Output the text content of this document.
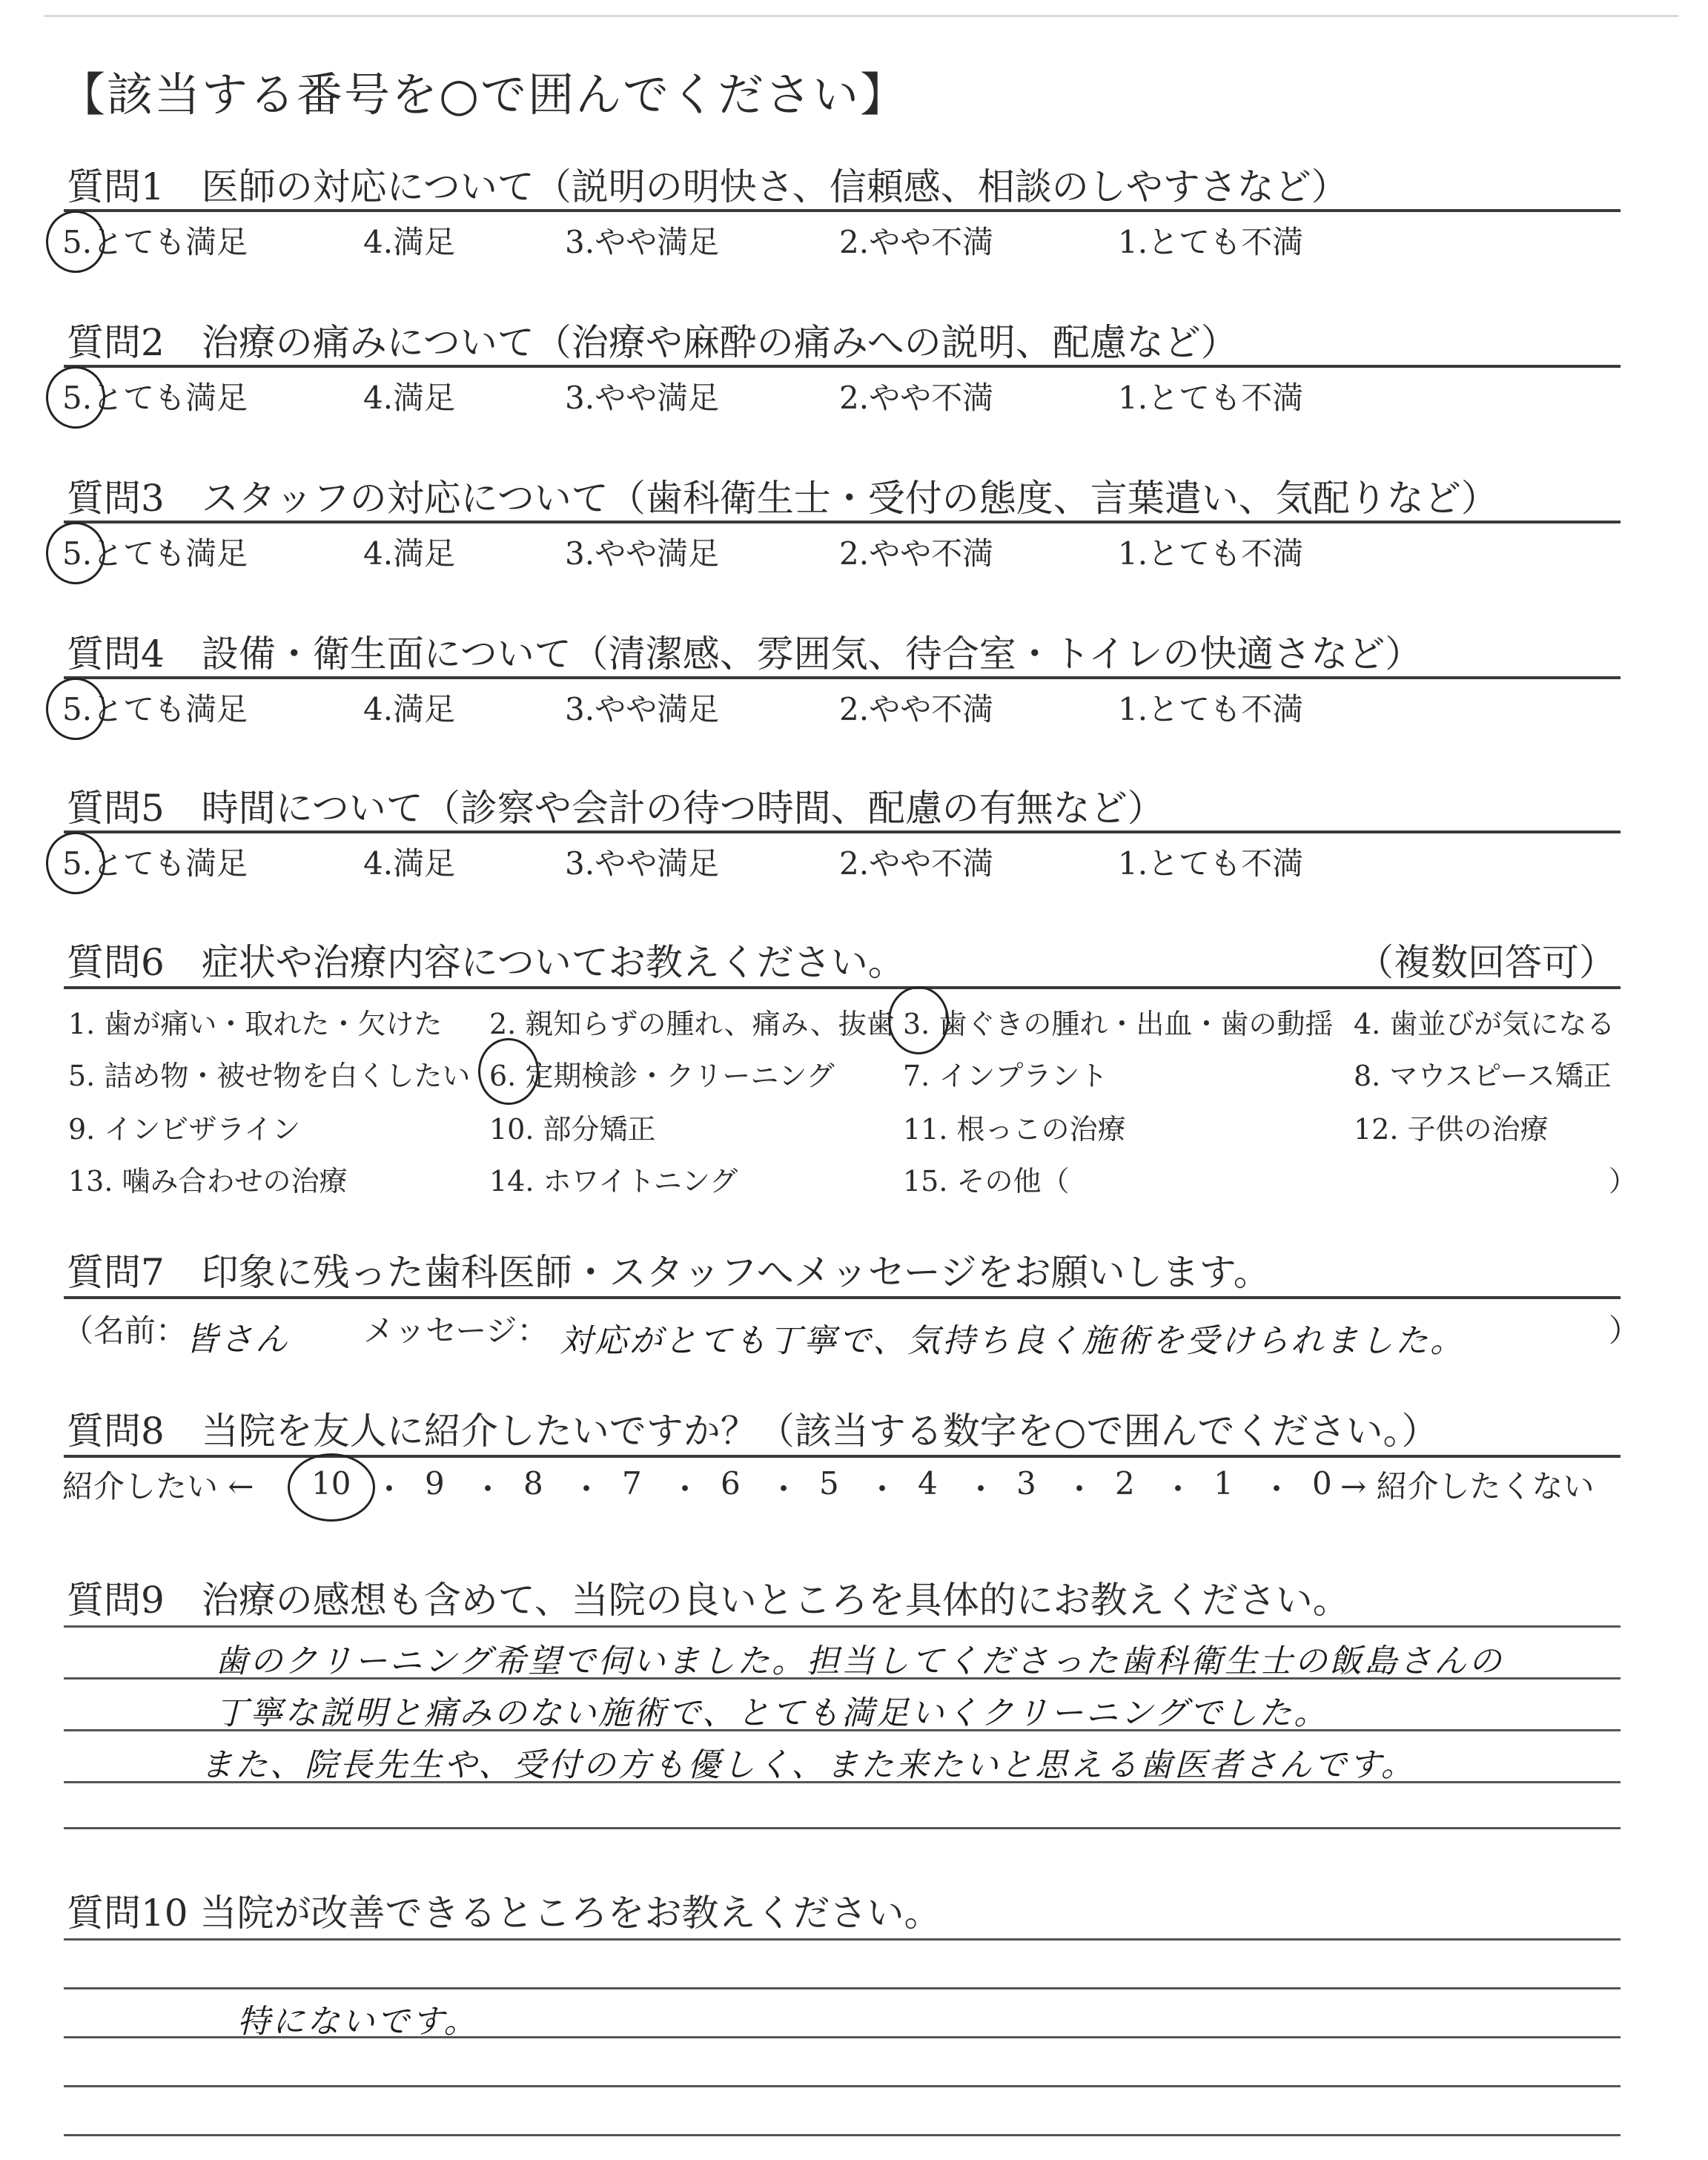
【該当する番号を○で囲んでください】
質問1　医師の対応について（説明の明快さ、信頼感、相談のしやすさなど）
5.とても満足	4.満足	3.やや満足	2.やや不満	1.とても不満
質問2　治療の痛みについて（治療や麻酔の痛みへの説明、配慮など）
5.とても満足	4.満足	3.やや満足	2.やや不満	1.とても不満
質問3　スタッフの対応について（歯科衛生士・受付の態度、言葉遣い、気配りなど）
5.とても満足	4.満足	3.やや満足	2.やや不満	1.とても不満
質問4　設備・衛生面について（清潔感、雰囲気、待合室・トイレの快適さなど）
5.とても満足	4.満足	3.やや満足	2.やや不満	1.とても不満
質問5　時間について（診察や会計の待つ時間、配慮の有無など）
5.とても満足	4.満足	3.やや満足	2.やや不満	1.とても不満
質問6　症状や治療内容についてお教えください。	（複数回答可）
1. 歯が痛い・取れた・欠けた 2. 親知らずの腫れ、痛み、抜歯 3. 歯ぐきの腫れ・出血・歯の動揺 4. 歯並びが気になる
5. 詰め物・被せ物を白くしたい 6. 定期検診・クリーニング 7. インプラント	8. マウスピース矯正
9. インビザライン	10. 部分矯正	11. 根っこの治療	12. 子供の治療
13. 噛み合わせの治療	14. ホワイトニング	15. その他（	）
質問7　印象に残った歯科医師・スタッフへメッセージをお願いします。
（名前：
皆さん メッセージ： 対応がとても丁寧で、気持ち良く施術を受けられました。	）
質問8　当院を友人に紹介したいですか？（該当する数字を○で囲んでください。）
紹介したい ←	→ 紹介したくない
10 ・ 9 ・ 8 ・ 7 ・ 6 ・ 5 ・ 4 ・ 3 ・ 2 ・ 1 ・ 0
質問9　治療の感想も含めて、当院の良いところを具体的にお教えください。
歯のクリーニング希望で伺いました。担当してくださった歯科衛生士の飯島さんの
丁寧な説明と痛みのない施術で、とても満足いくクリーニングでした。
また、院長先生や、受付の方も優しく、また来たいと思える歯医者さんです。
質問10 当院が改善できるところをお教えください。
特にないです。
